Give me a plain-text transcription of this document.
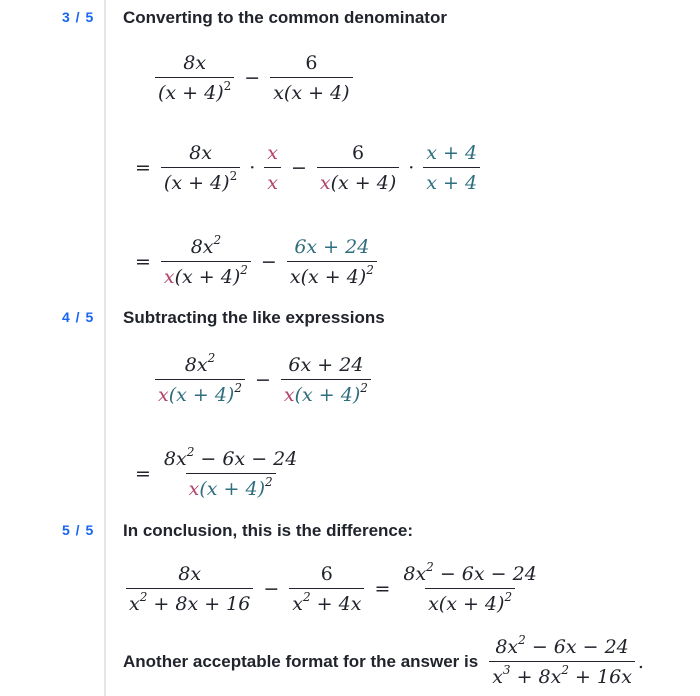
3 / 5 Converting to the common denominator
$\frac{8x}{(x + 4)^2} - \frac{6}{x(x + 4)}$
= $\frac{8x}{(x + 4)^2} \cdot \frac{x}{x} - \frac{6}{x(x + 4)} \cdot \frac{x + 4}{x + 4}$
= $\frac{8x^2}{x(x + 4)^2} - \frac{6x + 24}{x(x + 4)^2}$
4 / 5 Subtracting the like expressions
$\frac{8x^2}{x(x + 4)^2} - \frac{6x + 24}{x(x + 4)^2}$
= $\frac{8x^2 - 6x - 24}{x(x + 4)^2}$
5 / 5 In conclusion, this is the difference:
$\frac{8x}{x^2 + 8x + 16} - \frac{6}{x^2 + 4x} = \frac{8x^2 - 6x - 24}{x(x + 4)^2}$
Another acceptable format for the answer is $\frac{8x^2 - 6x - 24}{x^3 + 8x^2 + 16x}$ .
